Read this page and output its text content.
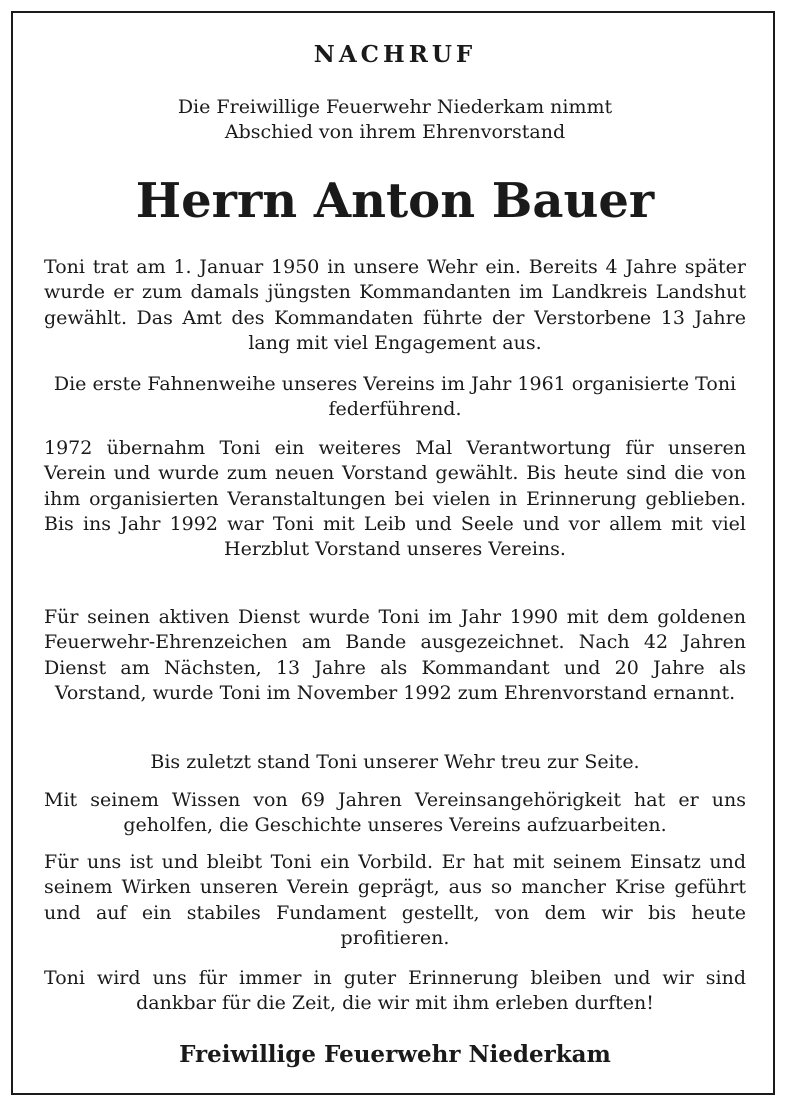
NACHRUF
Die Freiwillige Feuerwehr Niederkam nimmt
Abschied von ihrem Ehrenvorstand
Herrn Anton Bauer

Toni trat am 1. Januar 1950 in unsere Wehr ein. Bereits 4 Jahre später wurde er zum damals jüngsten Kommandanten im Landkreis Landshut gewählt. Das Amt des Kommandaten führte der Verstorbene 13 Jahre lang mit viel Engagement aus.

Die erste Fahnenweihe unseres Vereins im Jahr 1961 organisierte Toni federführend.

1972 übernahm Toni ein weiteres Mal Verantwortung für unseren Verein und wurde zum neuen Vorstand gewählt. Bis heute sind die von ihm organisierten Veranstaltungen bei vielen in Erinnerung geblieben. Bis ins Jahr 1992 war Toni mit Leib und Seele und vor allem mit viel Herzblut Vorstand unseres Vereins.

Für seinen aktiven Dienst wurde Toni im Jahr 1990 mit dem goldenen Feuerwehr-Ehrenzeichen am Bande ausgezeichnet. Nach 42 Jahren Dienst am Nächsten, 13 Jahre als Kommandant und 20 Jahre als Vorstand, wurde Toni im November 1992 zum Ehrenvorstand ernannt.

Bis zuletzt stand Toni unserer Wehr treu zur Seite.

Mit seinem Wissen von 69 Jahren Vereinsangehörigkeit hat er uns geholfen, die Geschichte unseres Vereins aufzuarbeiten.

Für uns ist und bleibt Toni ein Vorbild. Er hat mit seinem Einsatz und seinem Wirken unseren Verein geprägt, aus so mancher Krise geführt und auf ein stabiles Fundament gestellt, von dem wir bis heute profitieren.

Toni wird uns für immer in guter Erinnerung bleiben und wir sind dankbar für die Zeit, die wir mit ihm erleben durften!

Freiwillige Feuerwehr Niederkam
